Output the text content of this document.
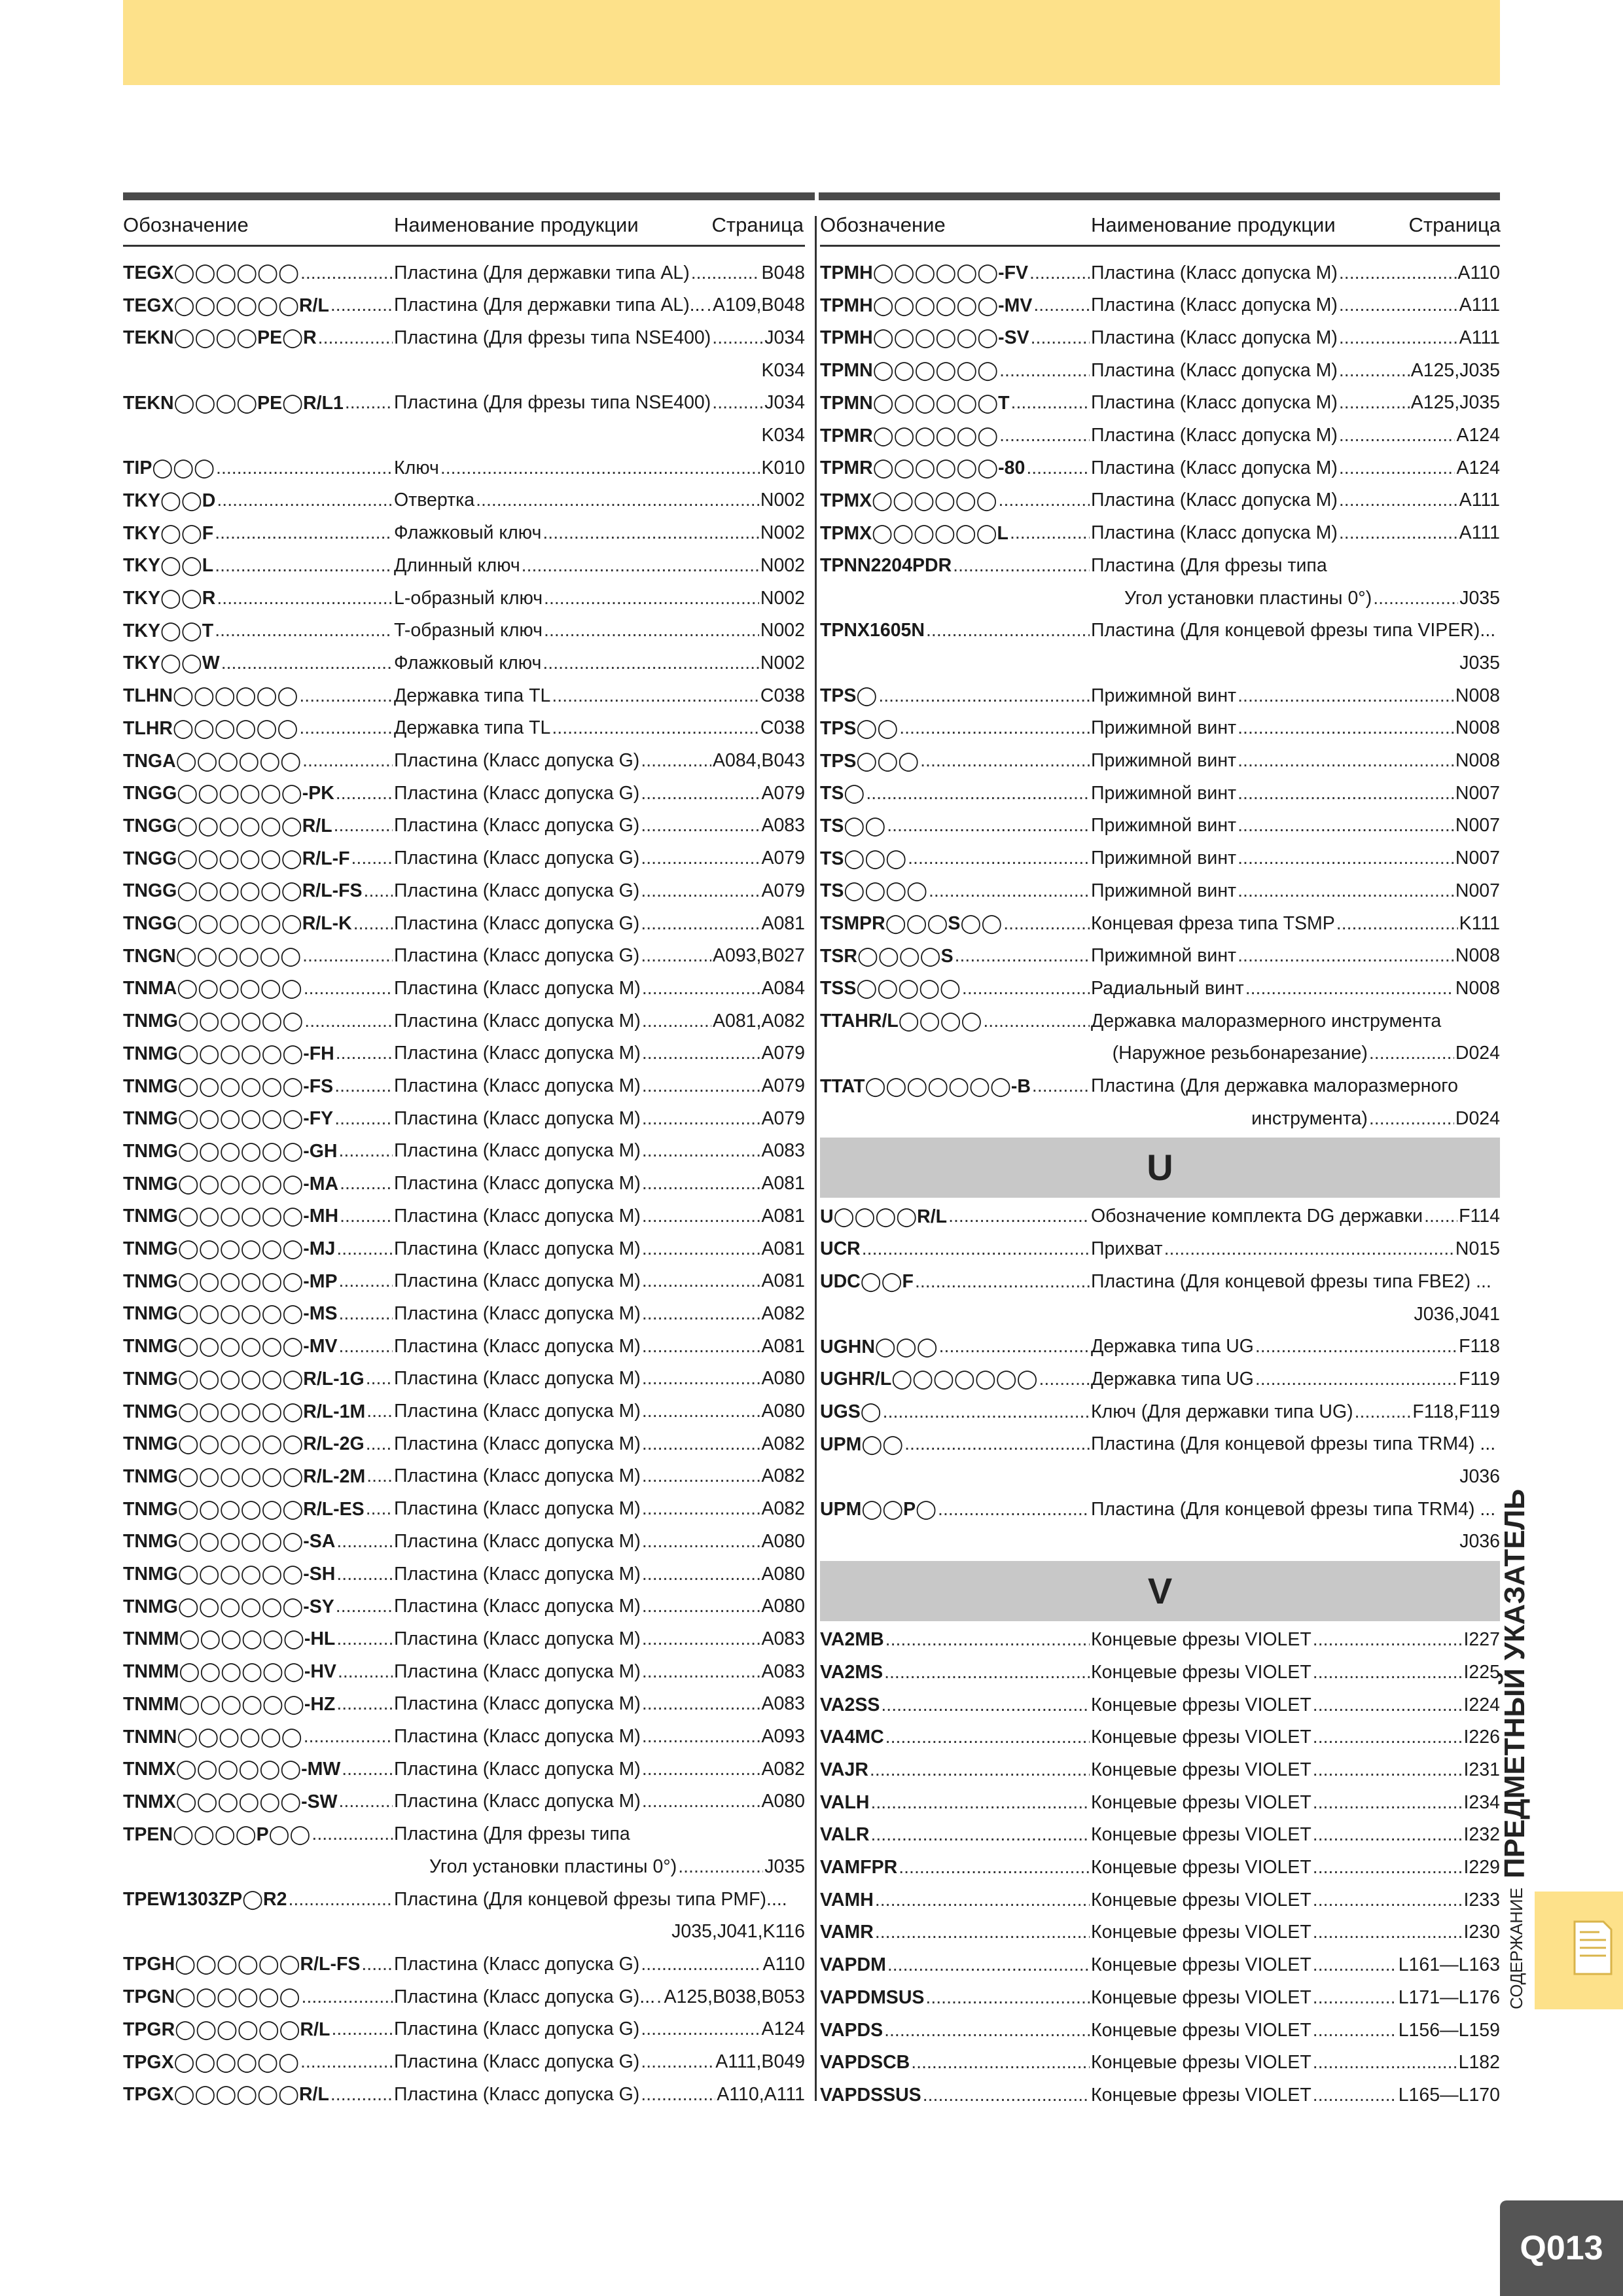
Обозначение	Наименование продукции	Страница Обозначение	Наименование продукции	Страница
TEGX◯◯◯◯◯◯ .....	Пластина (Для державки типа AL) .....	B048
TEGX◯◯◯◯◯◯R/L .....	Пластина (Для державки типа AL)... ..... A109,B048
TEKN◯◯◯◯PE◯R .....	Пластина (Для фрезы типа NSE400) .....	J034
K034
TEKN◯◯◯◯PE◯R/L1 .....	Пластина (Для фрезы типа NSE400) .....	J034
K034
TIP◯◯◯ .....	Ключ .....	K010
TKY◯◯D .....	Отвертка .....	N002
TKY◯◯F .....	Флажковый ключ .....	N002
TKY◯◯L .....	Длинный ключ .....	N002
TKY◯◯R .....	L-образный ключ .....	N002
TKY◯◯T .....	T-образный ключ .....	N002
TKY◯◯W .....	Флажковый ключ .....	N002
TLHN◯◯◯◯◯◯ .....	Державка типа TL .....	C038
TLHR◯◯◯◯◯◯ .....	Державка типа TL .....	C038
TNGA◯◯◯◯◯◯ .....	Пластина (Класс допуска G) .....	A084,B043
TNGG◯◯◯◯◯◯-PK .....	Пластина (Класс допуска G) .....	A079
TNGG◯◯◯◯◯◯R/L .....	Пластина (Класс допуска G) .....	A083
TNGG◯◯◯◯◯◯R/L-F ..... Пластина (Класс допуска G) .....	A079
TNGG◯◯◯◯◯◯R/L-FS ..... Пластина (Класс допуска G) .....	A079
TNGG◯◯◯◯◯◯R/L-K ..... Пластина (Класс допуска G) .....	A081
TNGN◯◯◯◯◯◯ .....	Пластина (Класс допуска G) .....	A093,B027
TNMA◯◯◯◯◯◯ .....	Пластина (Класс допуска M) .....	A084
TNMG◯◯◯◯◯◯ .....	Пластина (Класс допуска M) .....	A081,A082
TNMG◯◯◯◯◯◯-FH .....	Пластина (Класс допуска M) .....	A079
TNMG◯◯◯◯◯◯-FS .....	Пластина (Класс допуска M) .....	A079
TNMG◯◯◯◯◯◯-FY .....	Пластина (Класс допуска M) .....	A079
TNMG◯◯◯◯◯◯-GH .....	Пластина (Класс допуска M) .....	A083
TNMG◯◯◯◯◯◯-MA .....	Пластина (Класс допуска M) .....	A081
TNMG◯◯◯◯◯◯-MH .....	Пластина (Класс допуска M) .....	A081
TNMG◯◯◯◯◯◯-MJ .....	Пластина (Класс допуска M) .....	A081
TNMG◯◯◯◯◯◯-MP .....	Пластина (Класс допуска M) .....	A081
TNMG◯◯◯◯◯◯-MS .....	Пластина (Класс допуска M) .....	A082
TNMG◯◯◯◯◯◯-MV .....	Пластина (Класс допуска M) .....	A081
TNMG◯◯◯◯◯◯R/L-1G ..... Пластина (Класс допуска M) .....	A080
TNMG◯◯◯◯◯◯R/L-1M ..... Пластина (Класс допуска M) .....	A080
TNMG◯◯◯◯◯◯R/L-2G ..... Пластина (Класс допуска M) .....	A082
TNMG◯◯◯◯◯◯R/L-2M ..... Пластина (Класс допуска M) .....	A082
TNMG◯◯◯◯◯◯R/L-ES ..... Пластина (Класс допуска M) .....	A082
TNMG◯◯◯◯◯◯-SA .....	Пластина (Класс допуска M) .....	A080
TNMG◯◯◯◯◯◯-SH .....	Пластина (Класс допуска M) .....	A080
TNMG◯◯◯◯◯◯-SY .....	Пластина (Класс допуска M) .....	A080
TNMM◯◯◯◯◯◯-HL .....	Пластина (Класс допуска M) .....	A083
TNMM◯◯◯◯◯◯-HV .....	Пластина (Класс допуска M) .....	A083
TNMM◯◯◯◯◯◯-HZ .....	Пластина (Класс допуска M) .....	A083
TNMN◯◯◯◯◯◯ .....	Пластина (Класс допуска M) .....	A093
TNMX◯◯◯◯◯◯-MW .....	Пластина (Класс допуска M) .....	A082
TNMX◯◯◯◯◯◯-SW .....	Пластина (Класс допуска M) .....	A080
TPEN◯◯◯◯P◯◯ .....	Пластина (Для фрезы типа
Угол установки пластины 0°) .....	J035
TPEW1303ZP◯R2 .....	Пластина (Для концевой фрезы типа PMF)....
J035,J041,K116
TPGH◯◯◯◯◯◯R/L-FS ..... Пластина (Класс допуска G) .....	A110
TPGN◯◯◯◯◯◯ .....	Пластина (Класс допуска G)... ..... A125,B038,B053
TPGR◯◯◯◯◯◯R/L .....	Пластина (Класс допуска G) .....	A124
TPGX◯◯◯◯◯◯ .....	Пластина (Класс допуска G) .....	A111,B049
TPGX◯◯◯◯◯◯R/L .....	Пластина (Класс допуска G) .....	A110,A111
TPMH◯◯◯◯◯◯-FV .....	Пластина (Класс допуска M) .....	A110
TPMH◯◯◯◯◯◯-MV .....	Пластина (Класс допуска M) .....	A111
TPMH◯◯◯◯◯◯-SV .....	Пластина (Класс допуска M) .....	A111
TPMN◯◯◯◯◯◯ .....	Пластина (Класс допуска M) .....	A125,J035
TPMN◯◯◯◯◯◯T .....	Пластина (Класс допуска M) .....	A125,J035
TPMR◯◯◯◯◯◯ .....	Пластина (Класс допуска M) .....	A124
TPMR◯◯◯◯◯◯-80 .....	Пластина (Класс допуска M) .....	A124
TPMX◯◯◯◯◯◯ .....	Пластина (Класс допуска M) .....	A111
TPMX◯◯◯◯◯◯L .....	Пластина (Класс допуска M) .....	A111
TPNN2204PDR .....	Пластина (Для фрезы типа
Угол установки пластины 0°) .....	J035
TPNX1605N .....	Пластина (Для концевой фрезы типа VIPER)...
J035
TPS◯ .....	Прижимной винт .....	N008
TPS◯◯ .....	Прижимной винт .....	N008
TPS◯◯◯ .....	Прижимной винт .....	N008
TS◯ .....	Прижимной винт .....	N007
TS◯◯ .....	Прижимной винт .....	N007
TS◯◯◯ .....	Прижимной винт .....	N007
TS◯◯◯◯ .....	Прижимной винт .....	N007
TSMPR◯◯◯S◯◯ .....	Концевая фреза типа TSMP .....	K111
TSR◯◯◯◯S .....	Прижимной винт .....	N008
TSS◯◯◯◯◯ .....	Радиальный винт .....	N008
TTAHR/L◯◯◯◯ .....	Державка малоразмерного инструмента
(Наружное резьбонарезание) .....	D024
TTAT◯◯◯◯◯◯◯-B .....	Пластина (Для державка малоразмерного
инструмента) .....	D024
U
U◯◯◯◯R/L .....	Обозначение комплекта DG державки ..... F114
UCR .....	Прихват .....	N015
UDC◯◯F .....	Пластина (Для концевой фрезы типа FBE2) ...
J036,J041
UGHN◯◯◯ .....	Державка типа UG .....	F118
UGHR/L◯◯◯◯◯◯◯ .....	Державка типа UG .....	F119
UGS◯ .....	Ключ (Для державки типа UG) .....	F118,F119
UPM◯◯ .....	Пластина (Для концевой фрезы типа TRM4) ...
J036
UPM◯◯P◯ .....	Пластина (Для концевой фрезы типа TRM4) ...
J036
V
VA2MB .....	Концевые фрезы VIOLET .....	I227
VA2MS .....	Концевые фрезы VIOLET .....	I225
VA2SS .....	Концевые фрезы VIOLET .....	I224
VA4MC .....	Концевые фрезы VIOLET .....	I226
VAJR .....	Концевые фрезы VIOLET .....	I231
VALH .....	Концевые фрезы VIOLET .....	I234
VALR .....	Концевые фрезы VIOLET .....	I232
VAMFPR .....	Концевые фрезы VIOLET .....	I229
VAMH .....	Концевые фрезы VIOLET .....	I233
VAMR .....	Концевые фрезы VIOLET .....	I230
VAPDM .....	Концевые фрезы VIOLET .....	L161—L163
VAPDMSUS .....	Концевые фрезы VIOLET .....	L171—L176
VAPDS .....	Концевые фрезы VIOLET .....	L156—L159
VAPDSCB .....	Концевые фрезы VIOLET .....	L182
VAPDSSUS .....	Концевые фрезы VIOLET .....	L165—L170
СОДЕРЖАНИЕПРЕДМЕТНЫЙ УКАЗАТЕЛЬ
Q013
